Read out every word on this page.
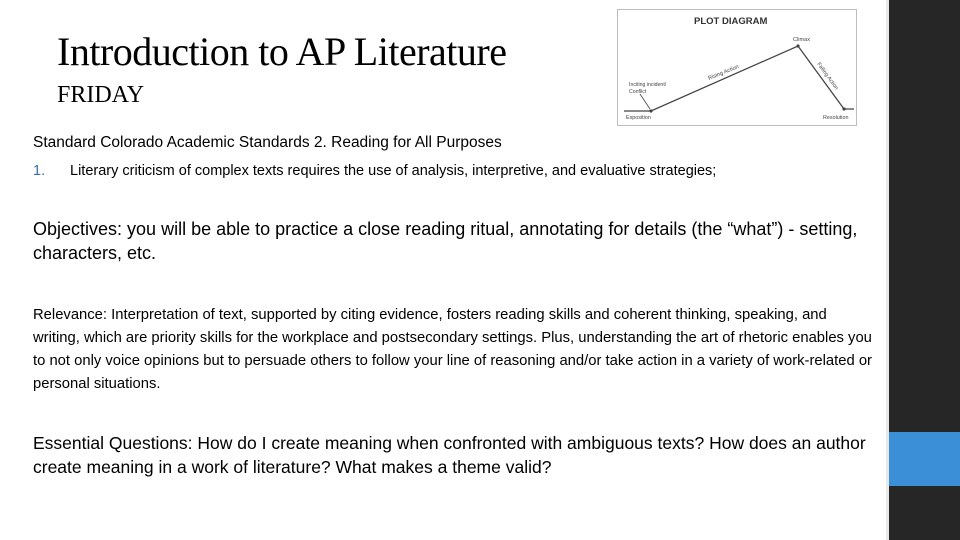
Introduction to AP Literature
FRIDAY
PLOT DIAGRAM
Inciting incident/
Conflict
Rising Action
Climax
Falling Action
Exposition	Resolution

Standard Colorado Academic Standards 2. Reading for All Purposes

1. Literary criticism of complex texts requires the use of analysis, interpretive, and evaluative strategies;

Objectives: you will be able to practice a close reading ritual, annotating for details (the “what”) - setting, characters, etc.

Relevance: Interpretation of text, supported by citing evidence, fosters reading skills and coherent thinking, speaking, and writing, which are priority skills for the workplace and postsecondary settings. Plus, understanding the art of rhetoric enables you to not only voice opinions but to persuade others to follow your line of reasoning and/or take action in a variety of work-related or personal situations.

Essential Questions: How do I create meaning when confronted with ambiguous texts? How does an author create meaning in a work of literature? What makes a theme valid?
